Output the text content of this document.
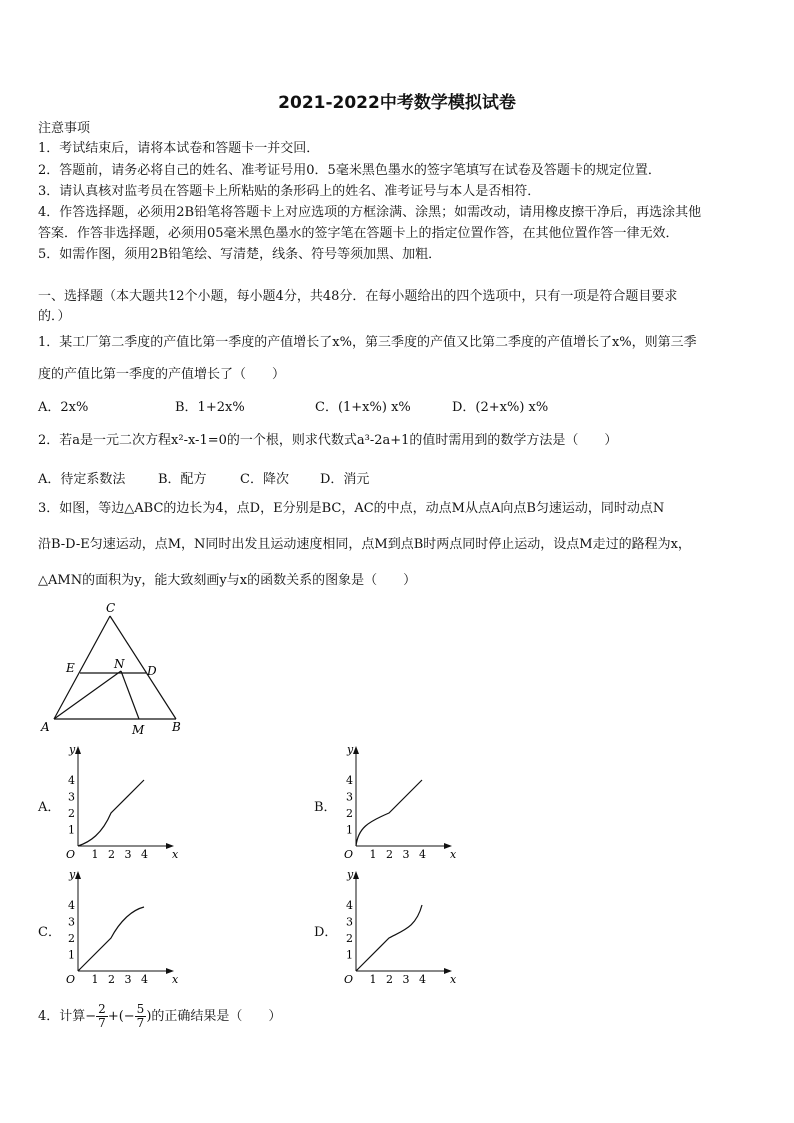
2021-2022中考数学模拟试卷
注意事项
1．考试结束后，请将本试卷和答题卡一并交回．
2．答题前，请务必将自己的姓名、准考证号用0．5毫米黑色墨水的签字笔填写在试卷及答题卡的规定位置．
3．请认真核对监考员在答题卡上所粘贴的条形码上的姓名、准考证号与本人是否相符．
4．作答选择题，必须用2B铅笔将答题卡上对应选项的方框涂满、涂黑；如需改动，请用橡皮擦干净后，再选涂其他
答案．作答非选择题，必须用05毫米黑色墨水的签字笔在答题卡上的指定位置作答，在其他位置作答一律无效．
5．如需作图，须用2B铅笔绘、写清楚，线条、符号等须加黑、加粗．
一、选择题（本大题共12个小题，每小题4分，共48分．在每小题给出的四个选项中，只有一项是符合题目要求
的．）
1．某工厂第二季度的产值比第一季度的产值增长了x%，第三季度的产值又比第二季度的产值增长了x%，则第三季
度的产值比第一季度的产值增长了（　　）
A．2x%	B．1+2x%	C．(1+x%) x%	D．(2+x%) x%
2．若a是一元二次方程x²-x-1=0的一个根，则求代数式a³-2a+1的值时需用到的数学方法是（　　）
A．待定系数法	B．配方	C．降次 D．消元
3．如图，等边△ABC的边长为4，点D，E分别是BC，AC的中点，动点M从点A向点B匀速运动，同时动点N
沿B-D-E匀速运动，点M，N同时出发且运动速度相同，点M到点B时两点同时停止运动，设点M走过的路程为x，
△AMN的面积为y，能大致刻画y与x的函数关系的图象是（　　）
C
E	N D
A	M B
A．	B．
C．	D．
y
x
O
1
2
3
4
1 2 3 4
y
x
O
1
2
3
4
1 2 3 4
y
x
O
1
2
3
4
1 2 3 4
y
x
O
1
2
3
4
1 2 3 4
4．计算− $\frac{2}{7}$ +(− $\frac{5}{7}$ )的正确结果是（　　）
